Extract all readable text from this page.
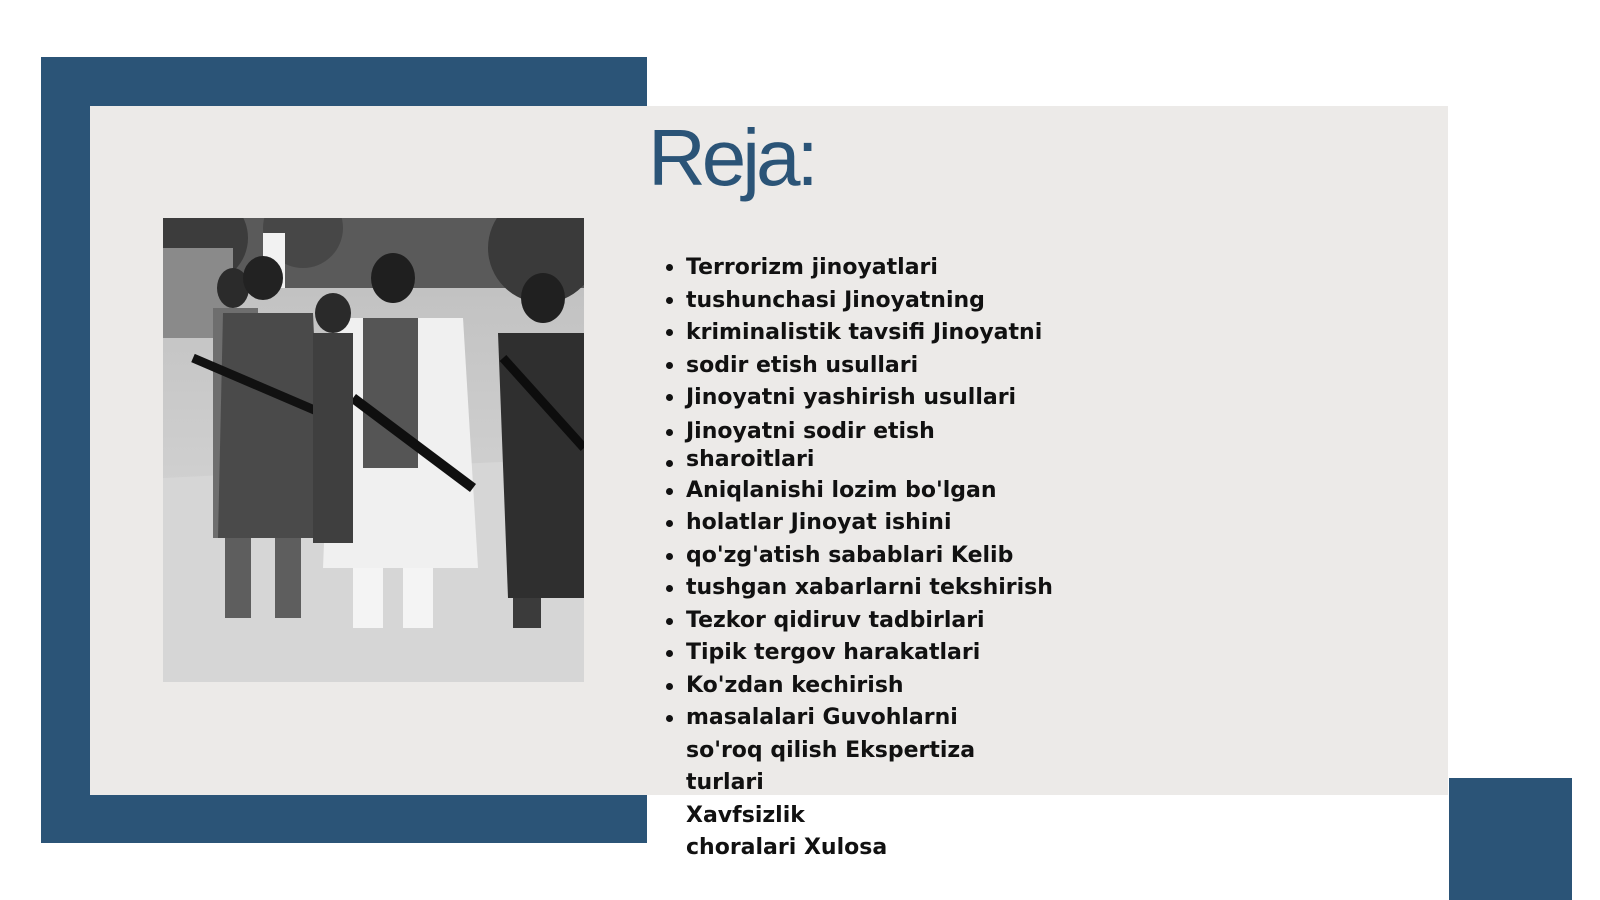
Reja:
Terrorizm jinoyatlari
tushunchasi Jinoyatning
kriminalistik tavsifi Jinoyatni
sodir etish usullari
Jinoyatni yashirish usullari
Jinoyatni sodir etish
sharoitlari
Aniqlanishi lozim bo'lgan
holatlar Jinoyat ishini
qo'zg'atish sabablari Kelib
tushgan xabarlarni tekshirish
Tezkor qidiruv tadbirlari
Tipik tergov harakatlari
Ko'zdan kechirish
masalalari Guvohlarni
so'roq qilish Ekspertiza
turlari
Xavfsizlik
choralari Xulosa
